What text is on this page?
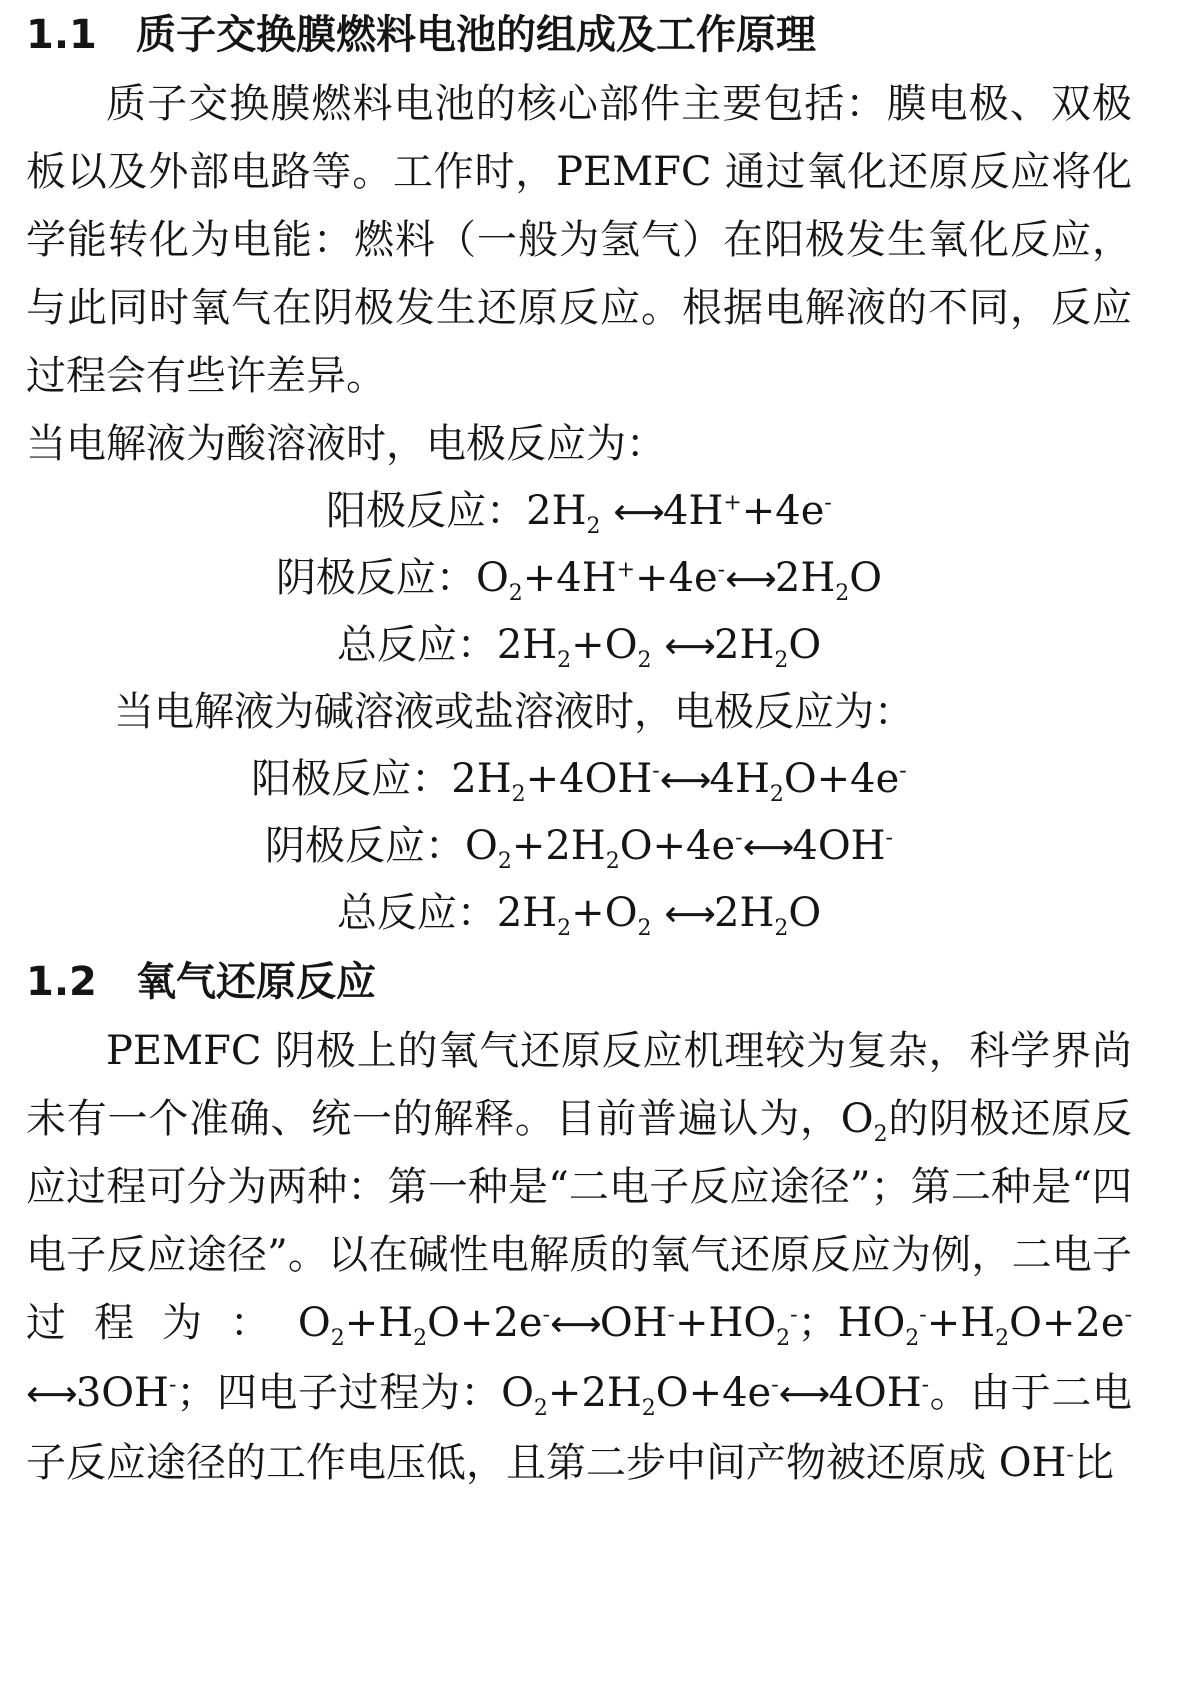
1.1 质子交换膜燃料电池的组成及工作原理

质子交换膜燃料电池的核心部件主要包括：膜电极、双极板以及外部电路等。工作时，PEMFC 通过氧化还原反应将化学能转化为电能：燃料（一般为氢气）在阳极发生氧化反应，与此同时氧气在阴极发生还原反应。根据电解液的不同，反应过程会有些许差异。
当电解液为酸溶液时，电极反应为：

阳极反应：$2H_2$ ⟷4H++4e-
阴极反应：$O_2+4H^++4e^-⟷2H_2O$
总反应：$2H_2+O_2$ $⟷2H_2O$
当电解液为碱溶液或盐溶液时，电极反应为：
阳极反应：$2H_2+4OH^-⟷4H_2O+4e^-$
阴极反应：$O_2+2H_2O+4e^-⟷4OH^-$
总反应：$2H_2+O_2$ $⟷2H_2O$
1.2 氧气还原反应

PEMFC 阴极上的氧气还原反应机理较为复杂，科学界尚未有一个准确、统一的解释。目前普遍认为，$O_2$的阴极还原反应过程可分为两种：第一种是“二电子反应途径”；第二种是“四电子反应途径”。以在碱性电解质的氧气还原反应为例，二电子过程为：$O_2+H_2O+2e^-⟷OH^-+HO_2^-$；$HO_2^-+H_2O+2e^-⟷3OH^-$；四电子过程为：$O_2+2H_2O+4e^-⟷4OH^-$。由于二电子反应途径的工作电压低，且第二步中间产物被还原成 OH-比
